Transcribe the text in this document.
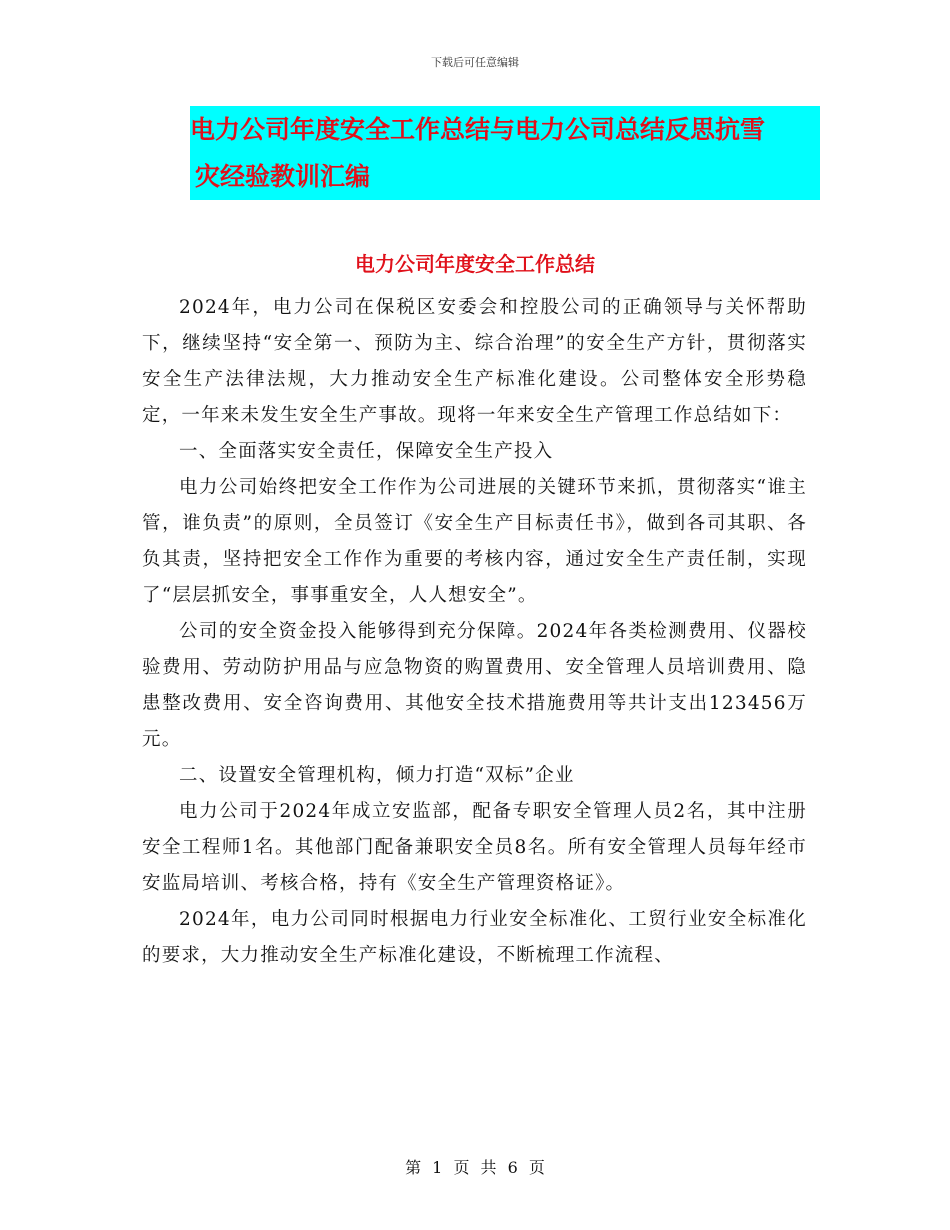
下载后可任意编辑
电力公司年度安全工作总结与电力公司总结反思抗雪
灾经验教训汇编
电力公司年度安全工作总结

2024年，电力公司在保税区安委会和控股公司的正确领导与关怀帮助下，继续坚持“安全第一、预防为主、综合治理”的安全生产方针，贯彻落实安全生产法律法规，大力推动安全生产标准化建设。公司整体安全形势稳定，一年来未发生安全生产事故。现将一年来安全生产管理工作总结如下：

一、全面落实安全责任，保障安全生产投入

电力公司始终把安全工作作为公司进展的关键环节来抓，贯彻落实“谁主管，谁负责”的原则，全员签订《安全生产目标责任书》，做到各司其职、各负其责，坚持把安全工作作为重要的考核内容，通过安全生产责任制，实现了“层层抓安全，事事重安全，人人想安全”。

公司的安全资金投入能够得到充分保障。2024年各类检测费用、仪器校验费用、劳动防护用品与应急物资的购置费用、安全管理人员培训费用、隐患整改费用、安全咨询费用、其他安全技术措施费用等共计支出123456万元。

二、设置安全管理机构，倾力打造“双标”企业

电力公司于2024年成立安监部，配备专职安全管理人员2名，其中注册安全工程师1名。其他部门配备兼职安全员8名。所有安全管理人员每年经市安监局培训、考核合格，持有《安全生产管理资格证》。

2024年，电力公司同时根据电力行业安全标准化、工贸行业安全标准化的要求，大力推动安全生产标准化建设，不断梳理工作流程、

第 1 页 共 6 页
